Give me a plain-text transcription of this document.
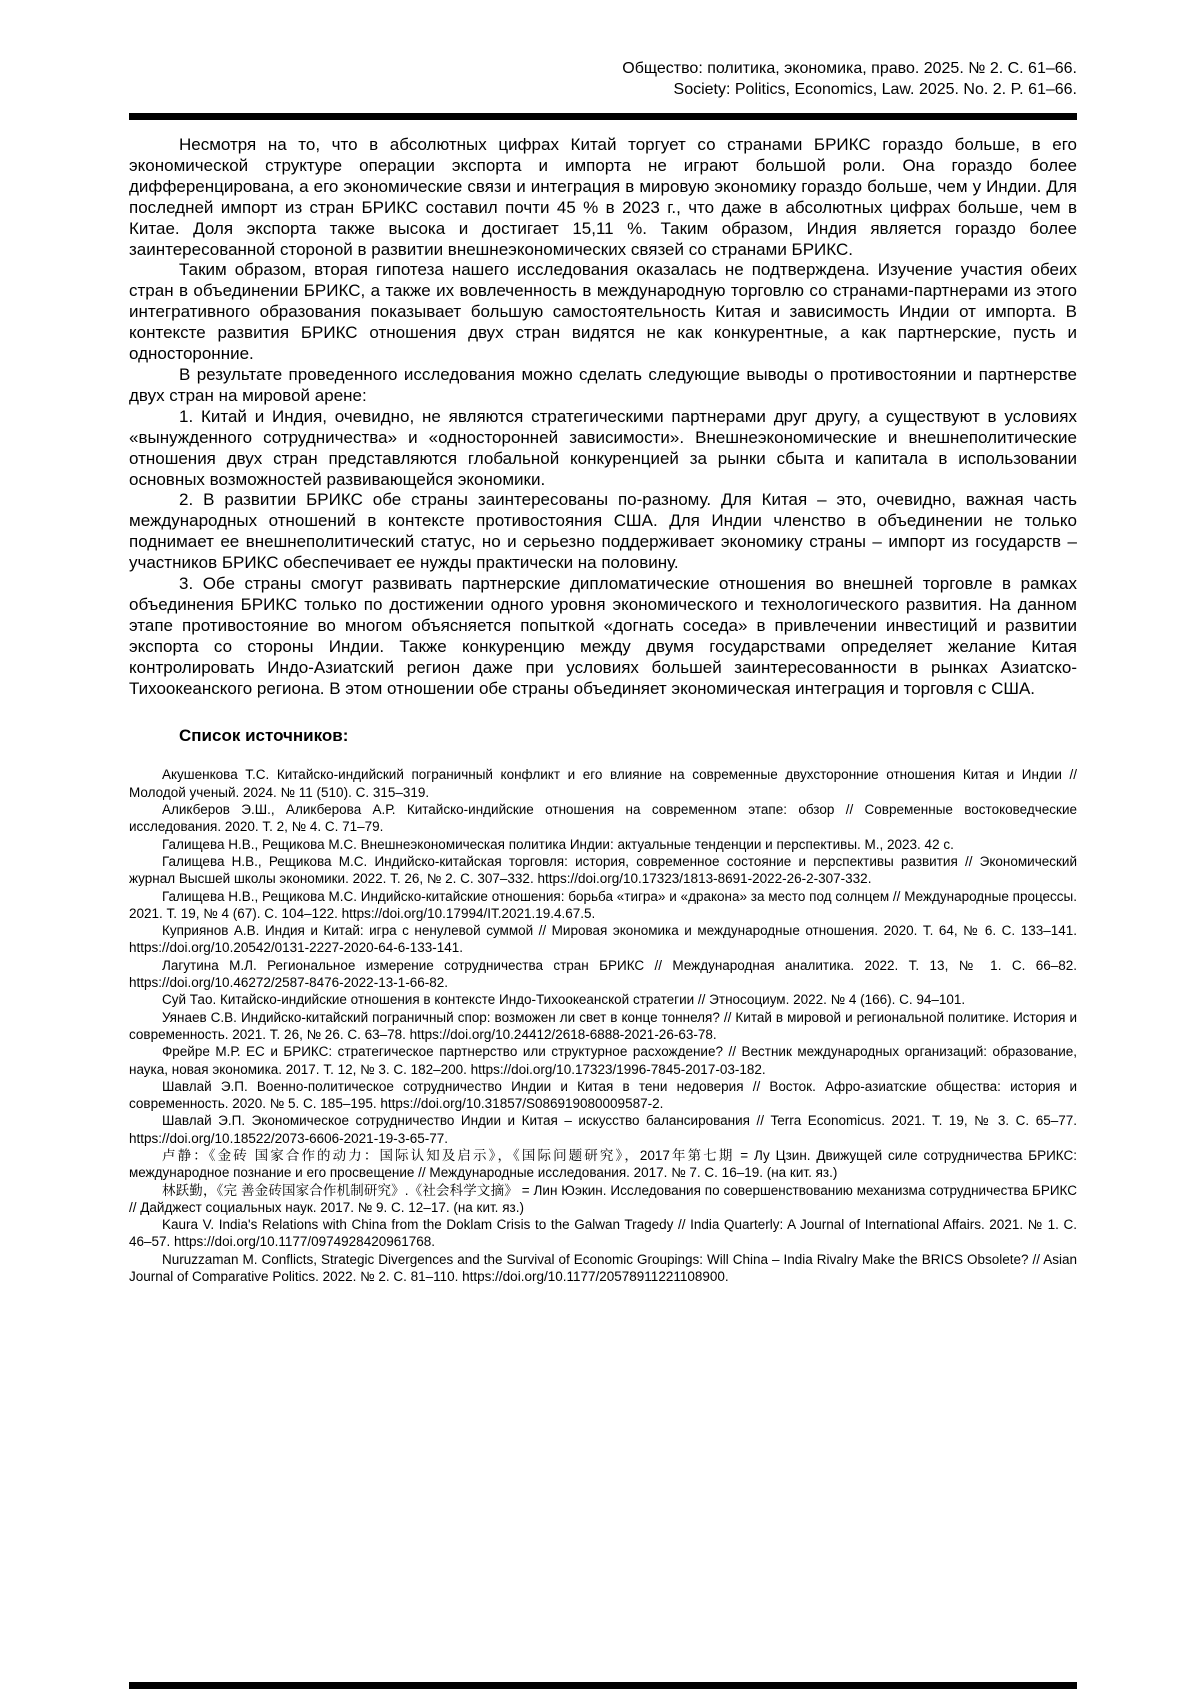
Общество: политика, экономика, право. 2025. № 2. С. 61–66.
Society: Politics, Economics, Law. 2025. No. 2. P. 61–66.

Несмотря на то, что в абсолютных цифрах Китай торгует со странами БРИКС гораздо больше, в его экономической структуре операции экспорта и импорта не играют большой роли. Она гораздо более дифференцирована, а его экономические связи и интеграция в мировую экономику гораздо больше, чем у Индии. Для последней импорт из стран БРИКС составил почти 45 % в 2023 г., что даже в абсолютных цифрах больше, чем в Китае. Доля экспорта также высока и достигает 15,11 %. Таким образом, Индия является гораздо более заинтересованной стороной в развитии внешнеэкономических связей со странами БРИКС.

Таким образом, вторая гипотеза нашего исследования оказалась не подтверждена. Изучение участия обеих стран в объединении БРИКС, а также их вовлеченность в международную торговлю со странами-партнерами из этого интегративного образования показывает большую самостоятельность Китая и зависимость Индии от импорта. В контексте развития БРИКС отношения двух стран видятся не как конкурентные, а как партнерские, пусть и односторонние.

В результате проведенного исследования можно сделать следующие выводы о противостоянии и партнерстве двух стран на мировой арене:

1. Китай и Индия, очевидно, не являются стратегическими партнерами друг другу, а существуют в условиях «вынужденного сотрудничества» и «односторонней зависимости». Внешнеэкономические и внешнеполитические отношения двух стран представляются глобальной конкуренцией за рынки сбыта и капитала в использовании основных возможностей развивающейся экономики.

2. В развитии БРИКС обе страны заинтересованы по-разному. Для Китая – это, очевидно, важная часть международных отношений в контексте противостояния США. Для Индии членство в объединении не только поднимает ее внешнеполитический статус, но и серьезно поддерживает экономику страны – импорт из государств – участников БРИКС обеспечивает ее нужды практически на половину.

3. Обе страны смогут развивать партнерские дипломатические отношения во внешней торговле в рамках объединения БРИКС только по достижении одного уровня экономического и технологического развития. На данном этапе противостояние во многом объясняется попыткой «догнать соседа» в привлечении инвестиций и развитии экспорта со стороны Индии. Также конкуренцию между двумя государствами определяет желание Китая контролировать Индо-Азиатский регион даже при условиях большей заинтересованности в рынках Азиатско-Тихоокеанского региона. В этом отношении обе страны объединяет экономическая интеграция и торговля с США.

Список источников:

Акушенкова Т.С. Китайско-индийский пограничный конфликт и его влияние на современные двухсторонние отношения Китая и Индии // Молодой ученый. 2024. № 11 (510). С. 315–319.

Аликберов Э.Ш., Аликберова А.Р. Китайско-индийские отношения на современном этапе: обзор // Современные востоковедческие исследования. 2020. Т. 2, № 4. С. 71–79.

Галищева Н.В., Рещикова М.С. Внешнеэкономическая политика Индии: актуальные тенденции и перспективы. М., 2023. 42 с.

Галищева Н.В., Рещикова М.С. Индийско-китайская торговля: история, современное состояние и перспективы развития // Экономический журнал Высшей школы экономики. 2022. Т. 26, № 2. С. 307–332. https://doi.org/10.17323/1813-8691-2022-26-2-307-332.

Галищева Н.В., Рещикова М.С. Индийско-китайские отношения: борьба «тигра» и «дракона» за место под солнцем // Международные процессы. 2021. Т. 19, № 4 (67). С. 104–122. https://doi.org/10.17994/IT.2021.19.4.67.5.

Куприянов А.В. Индия и Китай: игра с ненулевой суммой // Мировая экономика и международные отношения. 2020. Т. 64, № 6. С. 133–141. https://doi.org/10.20542/0131-2227-2020-64-6-133-141.

Лагутина М.Л. Региональное измерение сотрудничества стран БРИКС // Международная аналитика. 2022. Т. 13, № 1. С. 66–82. https://doi.org/10.46272/2587-8476-2022-13-1-66-82.

Суй Тао. Китайско-индийские отношения в контексте Индо-Тихоокеанской стратегии // Этносоциум. 2022. № 4 (166). С. 94–101.

Уянаев С.В. Индийско-китайский пограничный спор: возможен ли свет в конце тоннеля? // Китай в мировой и региональной политике. История и современность. 2021. Т. 26, № 26. С. 63–78. https://doi.org/10.24412/2618-6888-2021-26-63-78.

Фрейре М.Р. ЕС и БРИКС: стратегическое партнерство или структурное расхождение? // Вестник международных организаций: образование, наука, новая экономика. 2017. Т. 12, № 3. С. 182–200. https://doi.org/10.17323/1996-7845-2017-03-182.

Шавлай Э.П. Военно-политическое сотрудничество Индии и Китая в тени недоверия // Восток. Афро-азиатские общества: история и современность. 2020. № 5. С. 185–195. https://doi.org/10.31857/S086919080009587-2.

Шавлай Э.П. Экономическое сотрудничество Индии и Китая – искусство балансирования // Terra Economicus. 2021. Т. 19, № 3. С. 65–77. https://doi.org/10.18522/2073-6606-2021-19-3-65-77.

卢静：《金砖 国家合作的动力：国际认知及启示》，《国际问题研究》，2017年第七期 = Лу Цзин. Движущей силе сотрудничества БРИКС: международное познание и его просвещение // Международные исследования. 2017. № 7. С. 16–19. (на кит. яз.)

林跃勤，《完 善金砖国家合作机制研究》.《社会科学文摘》 = Лин Юэкин. Исследования по совершенствованию механизма сотрудничества БРИКС // Дайджест социальных наук. 2017. № 9. С. 12–17. (на кит. яз.)

Kaura V. India's Relations with China from the Doklam Crisis to the Galwan Tragedy // India Quarterly: A Journal of International Affairs. 2021. № 1. C. 46–57. https://doi.org/10.1177/0974928420961768.

Nuruzzaman M. Conflicts, Strategic Divergences and the Survival of Economic Groupings: Will China – India Rivalry Make the BRICS Obsolete? // Asian Journal of Comparative Politics. 2022. № 2. С. 81–110. https://doi.org/10.1177/20578911221108900.
